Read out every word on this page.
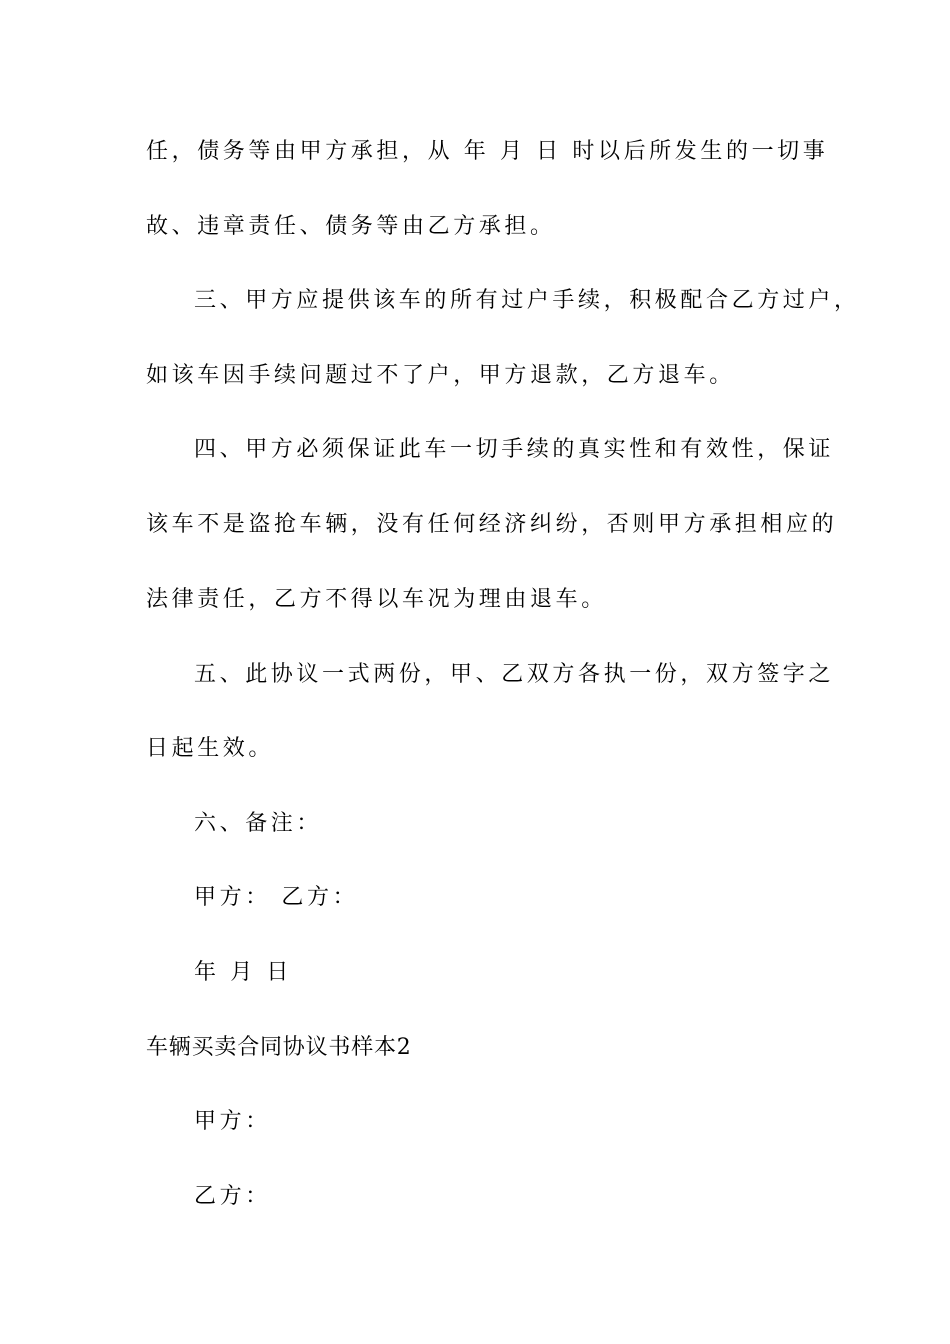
任，债务等由甲方承担，从 年 月 日 时以后所发生的一切事
故、违章责任、债务等由乙方承担。
三、甲方应提供该车的所有过户手续，积极配合乙方过户，
如该车因手续问题过不了户，甲方退款，乙方退车。
四、甲方必须保证此车一切手续的真实性和有效性，保证
该车不是盗抢车辆，没有任何经济纠纷，否则甲方承担相应的
法律责任，乙方不得以车况为理由退车。
五、此协议一式两份，甲、乙双方各执一份，双方签字之
日起生效。
六、备注：
甲方： 乙方：
年 月 日
车辆买卖合同协议书样本2
甲方：
乙方：
